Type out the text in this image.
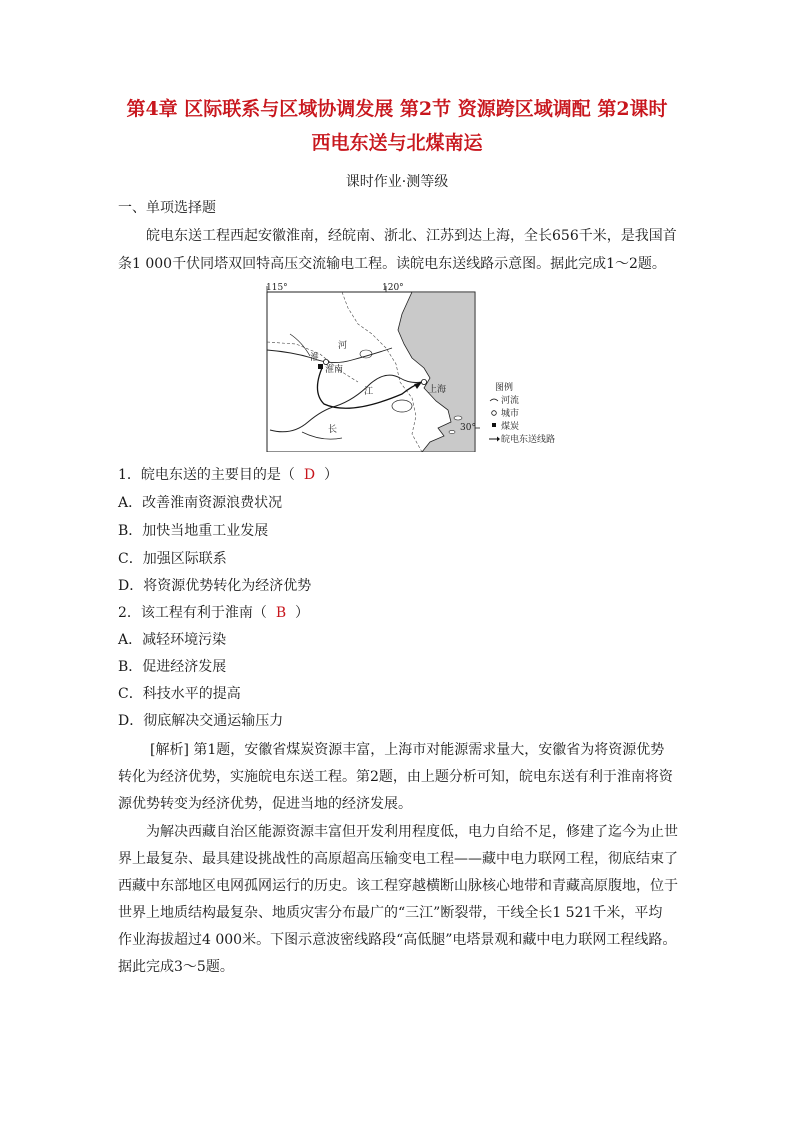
第4章 区际联系与区域协调发展 第2节 资源跨区域调配 第2课时
西电东送与北煤南运
课时作业·测等级
一、单项选择题
皖电东送工程西起安徽淮南，经皖南、浙北、江苏到达上海，全长656千米，是我国首
条1 000千伏同塔双回特高压交流输电工程。读皖电东送线路示意图。据此完成1～2题。
115°	120°
30°
淮
河
淮南
江
长
上海	图例
河流
城市
煤炭
皖电东送线路
1．皖电东送的主要目的是（ D ）
A．改善淮南资源浪费状况
B．加快当地重工业发展
C．加强区际联系
D．将资源优势转化为经济优势
2．该工程有利于淮南（ B ）
A．减轻环境污染
B．促进经济发展
C．科技水平的提高
D．彻底解决交通运输压力
[解析] 第1题，安徽省煤炭资源丰富，上海市对能源需求量大，安徽省为将资源优势
转化为经济优势，实施皖电东送工程。第2题，由上题分析可知，皖电东送有利于淮南将资
源优势转变为经济优势，促进当地的经济发展。
为解决西藏自治区能源资源丰富但开发利用程度低，电力自给不足，修建了迄今为止世
界上最复杂、最具建设挑战性的高原超高压输变电工程——藏中电力联网工程，彻底结束了
西藏中东部地区电网孤网运行的历史。该工程穿越横断山脉核心地带和青藏高原腹地，位于
世界上地质结构最复杂、地质灾害分布最广的“三江”断裂带，干线全长1 521千米，平均
作业海拔超过4 000米。下图示意波密线路段“高低腿”电塔景观和藏中电力联网工程线路。
据此完成3～5题。
